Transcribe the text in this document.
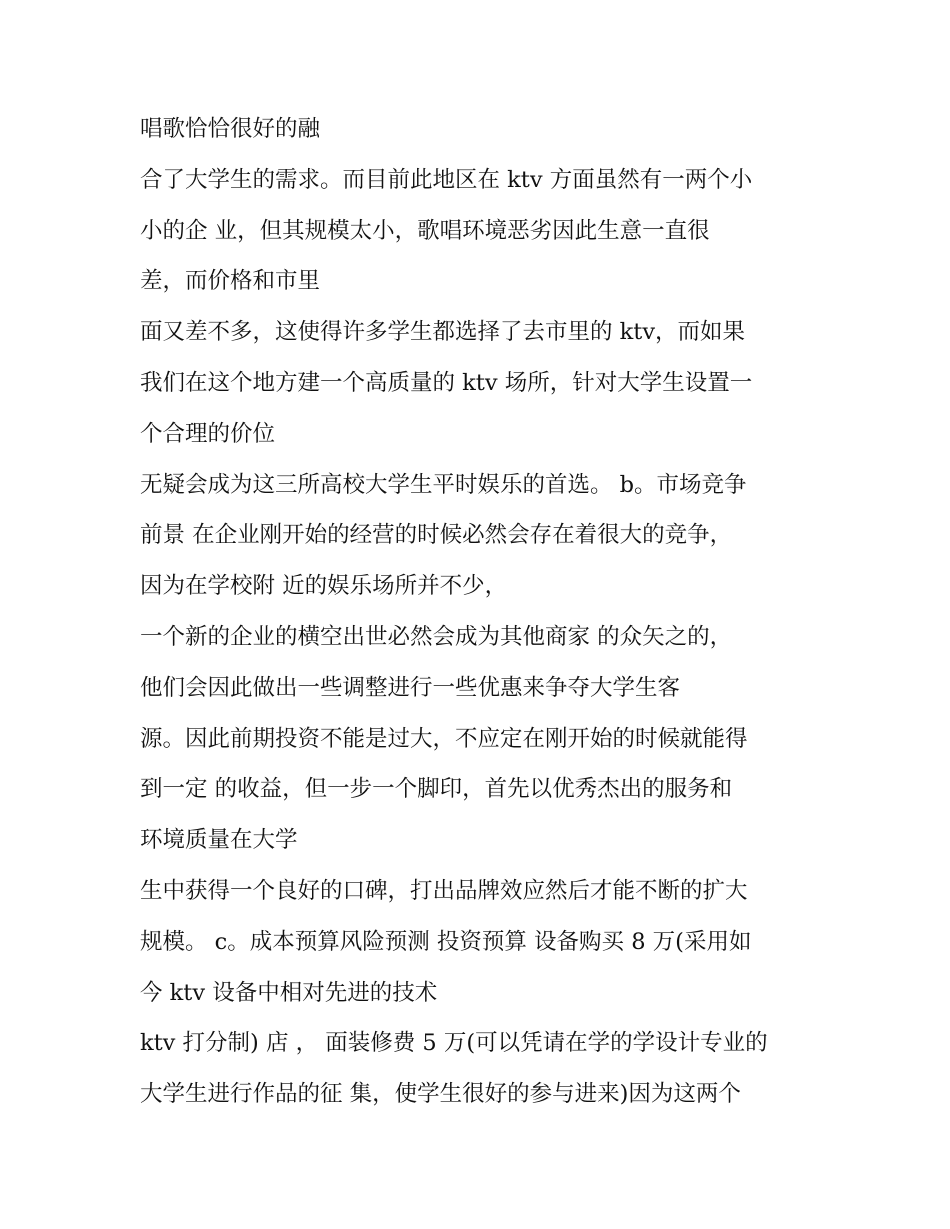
唱歌恰恰很好的融
合了大学生的需求。而目前此地区在 ktv 方面虽然有一两个小
小的企 业，但其规模太小，歌唱环境恶劣因此生意一直很
差，而价格和市里
面又差不多，这使得许多学生都选择了去市里的 ktv，而如果
我们在这个地方建一个高质量的 ktv 场所，针对大学生设置一
个合理的价位
无疑会成为这三所高校大学生平时娱乐的首选。 b。市场竞争
前景 在企业刚开始的经营的时候必然会存在着很大的竞争，
因为在学校附 近的娱乐场所并不少，
一个新的企业的横空出世必然会成为其他商家 的众矢之的，
他们会因此做出一些调整进行一些优惠来争夺大学生客
源。因此前期投资不能是过大，不应定在刚开始的时候就能得
到一定 的收益，但一步一个脚印，首先以优秀杰出的服务和
环境质量在大学
生中获得一个良好的口碑，打出品牌效应然后才能不断的扩大
规模。 c。成本预算风险预测 投资预算 设备购买 8 万(采用如
今 ktv 设备中相对先进的技术
ktv 打分制) 店 ， 面装修费 5 万(可以凭请在学的学设计专业的
大学生进行作品的征 集，使学生很好的参与进来)因为这两个
